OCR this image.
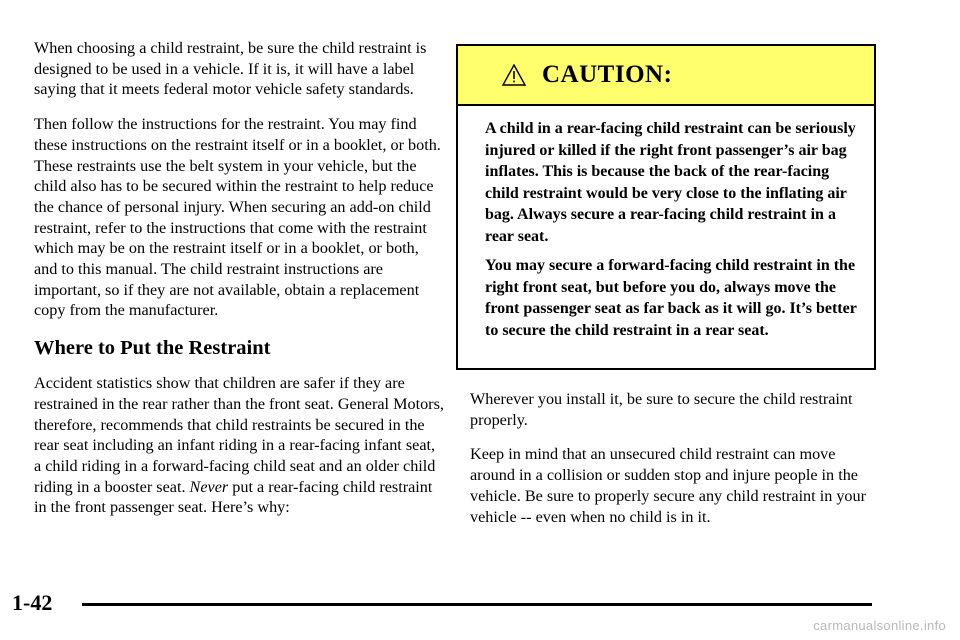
When choosing a child restraint, be sure the child restraint is designed to be used in a vehicle. If it is, it will have a label saying that it meets federal motor vehicle safety standards.

Then follow the instructions for the restraint. You may find these instructions on the restraint itself or in a booklet, or both. These restraints use the belt system in your vehicle, but the child also has to be secured within the restraint to help reduce the chance of personal injury. When securing an add-on child restraint, refer to the instructions that come with the restraint which may be on the restraint itself or in a booklet, or both, and to this manual. The child restraint instructions are important, so if they are not available, obtain a replacement copy from the manufacturer.

Where to Put the Restraint

Accident statistics show that children are safer if they are restrained in the rear rather than the front seat. General Motors, therefore, recommends that child restraints be secured in the rear seat including an infant riding in a rear-facing infant seat, a child riding in a forward-facing child seat and an older child riding in a booster seat. Never put a rear-facing child restraint in the front passenger seat. Here’s why:

CAUTION:

A child in a rear-facing child restraint can be seriously injured or killed if the right front passenger’s air bag inflates. This is because the back of the rear-facing child restraint would be very close to the inflating air bag. Always secure a rear-facing child restraint in a rear seat.

You may secure a forward-facing child restraint in the right front seat, but before you do, always move the front passenger seat as far back as it will go. It’s better to secure the child restraint in a rear seat.

Wherever you install it, be sure to secure the child restraint properly.

Keep in mind that an unsecured child restraint can move around in a collision or sudden stop and injure people in the vehicle. Be sure to properly secure any child restraint in your vehicle -- even when no child is in it.

1-42
carmanualsonline.info
